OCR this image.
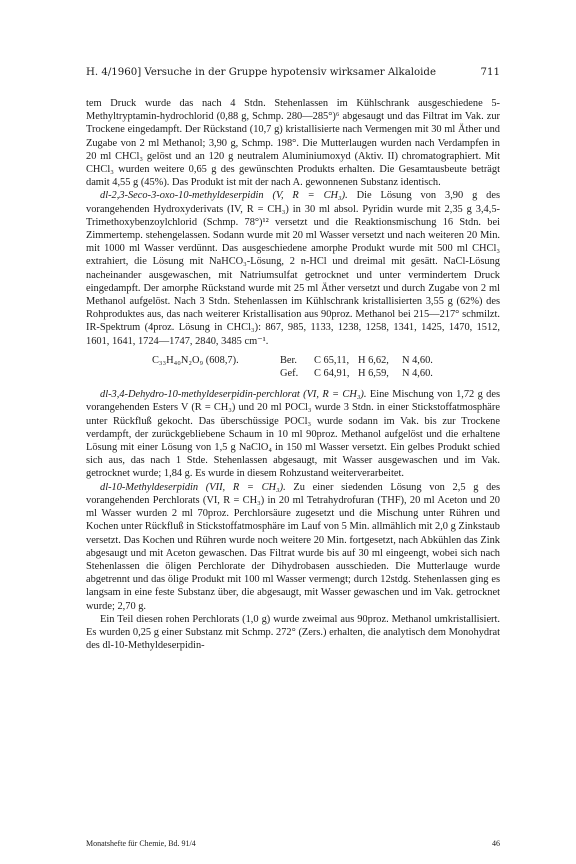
H. 4/1960] Versuche in der Gruppe hypotensiv wirksamer Alkaloide	711

tem Druck wurde das nach 4 Stdn. Stehenlassen im Kühlschrank ausgeschiedene 5-Methyltryptamin-hydrochlorid (0,88 g, Schmp. 280—285°)⁶ abgesaugt und das Filtrat im Vak. zur Trockene eingedampft. Der Rückstand (10,7 g) kristallisierte nach Vermengen mit 30 ml Äther und Zugabe von 2 ml Methanol; 3,90 g, Schmp. 198°. Die Mutterlaugen wurden nach Verdampfen in 20 ml CHCl₃ gelöst und an 120 g neutralem Aluminiumoxyd (Aktiv. II) chromatographiert. Mit CHCl₃ wurden weitere 0,65 g des gewünschten Produkts erhalten. Die Gesamtausbeute beträgt damit 4,55 g (45%). Das Produkt ist mit der nach A. gewonnenen Substanz identisch.

dl-2,3-Seco-3-oxo-10-methyldeserpidin (V, R = CH₃). Die Lösung von 3,90 g des vorangehenden Hydroxyderivats (IV, R = CH₃) in 30 ml absol. Pyridin wurde mit 2,35 g 3,4,5-Trimethoxybenzoylchlorid (Schmp. 78°)¹² versetzt und die Reaktionsmischung 16 Stdn. bei Zimmertemp. stehengelassen. Sodann wurde mit 20 ml Wasser versetzt und nach weiteren 20 Min. mit 1000 ml Wasser verdünnt. Das ausgeschiedene amorphe Produkt wurde mit 500 ml CHCl₃ extrahiert, die Lösung mit NaHCO₃-Lösung, 2 n-HCl und dreimal mit gesätt. NaCl-Lösung nacheinander ausgewaschen, mit Natriumsulfat getrocknet und unter vermindertem Druck eingedampft. Der amorphe Rückstand wurde mit 25 ml Äther versetzt und durch Zugabe von 2 ml Methanol aufgelöst. Nach 3 Stdn. Stehenlassen im Kühlschrank kristallisierten 3,55 g (62%) des Rohproduktes aus, das nach weiterer Kristallisation aus 90proz. Methanol bei 215—217° schmilzt. IR-Spektrum (4proz. Lösung in CHCl₃): 867, 985, 1133, 1238, 1258, 1341, 1425, 1470, 1512, 1601, 1641, 1724—1747, 2840, 3485 cm⁻¹.

C₃₃H₄₀N₂O₉ (608,7).	Ber.	C 65,11, H 6,62,	N 4,60.
Gef.	C 64,91, H 6,59,	N 4,60.

dl-3,4-Dehydro-10-methyldeserpidin-perchlorat (VI, R = CH₃). Eine Mischung von 1,72 g des vorangehenden Esters V (R = CH₃) und 20 ml POCl₃ wurde 3 Stdn. in einer Stickstoffatmosphäre unter Rückfluß gekocht. Das überschüssige POCl₃ wurde sodann im Vak. bis zur Trockene verdampft, der zurückgebliebene Schaum in 10 ml 90proz. Methanol aufgelöst und die erhaltene Lösung mit einer Lösung von 1,5 g NaClO₄ in 150 ml Wasser versetzt. Ein gelbes Produkt schied sich aus, das nach 1 Stde. Stehenlassen abgesaugt, mit Wasser ausgewaschen und im Vak. getrocknet wurde; 1,84 g. Es wurde in diesem Rohzustand weiterverarbeitet.

dl-10-Methyldeserpidin (VII, R = CH₃). Zu einer siedenden Lösung von 2,5 g des vorangehenden Perchlorats (VI, R = CH₃) in 20 ml Tetrahydrofuran (THF), 20 ml Aceton und 20 ml Wasser wurden 2 ml 70proz. Perchlorsäure zugesetzt und die Mischung unter Rühren und Kochen unter Rückfluß in Stickstoffatmosphäre im Lauf von 5 Min. allmählich mit 2,0 g Zinkstaub versetzt. Das Kochen und Rühren wurde noch weitere 20 Min. fortgesetzt, nach Abkühlen das Zink abgesaugt und mit Aceton gewaschen. Das Filtrat wurde bis auf 30 ml eingeengt, wobei sich nach Stehenlassen die öligen Perchlorate der Dihydrobasen ausschieden. Die Mutterlauge wurde abgetrennt und das ölige Produkt mit 100 ml Wasser vermengt; durch 12stdg. Stehenlassen ging es langsam in eine feste Substanz über, die abgesaugt, mit Wasser gewaschen und im Vak. getrocknet wurde; 2,70 g.

Ein Teil diesen rohen Perchlorats (1,0 g) wurde zweimal aus 90proz. Methanol umkristallisiert. Es wurden 0,25 g einer Substanz mit Schmp. 272° (Zers.) erhalten, die analytisch dem Monohydrat des dl-10-Methyldeserpidin-

Monatshefte für Chemie, Bd. 91/4	46
